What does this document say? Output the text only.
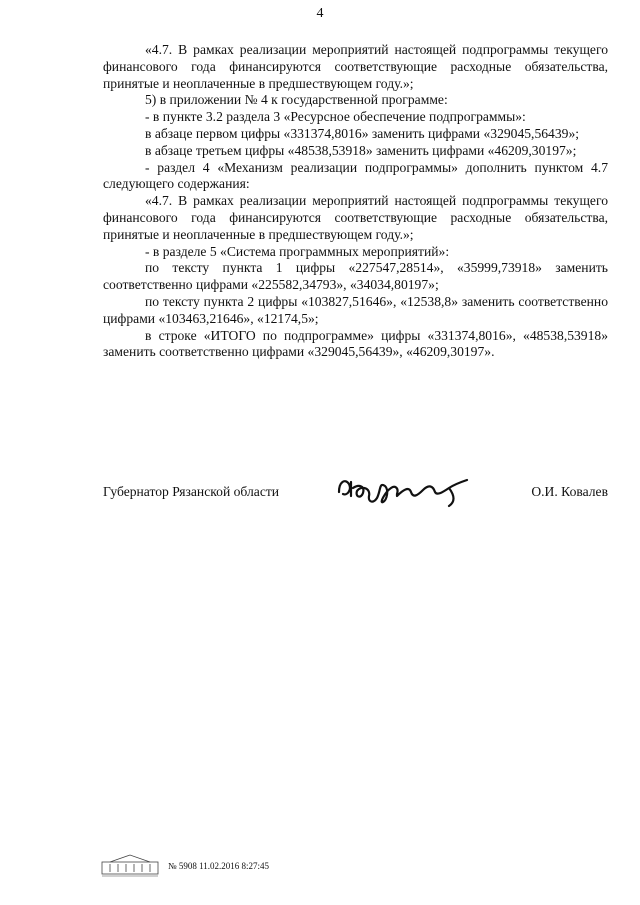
4

«4.7. В рамках реализации мероприятий настоящей подпрограммы текущего финансового года финансируются соответствующие расходные обязательства, принятые и неоплаченные в предшествующем году.»;

5) в приложении № 4 к государственной программе:

- в пункте 3.2 раздела 3 «Ресурсное обеспечение подпрограммы»:

в абзаце первом цифры «331374,8016» заменить цифрами «329045,56439»;

в абзаце третьем цифры «48538,53918» заменить цифрами «46209,30197»;

- раздел 4 «Механизм реализации подпрограммы» дополнить пунктом 4.7 следующего содержания:

«4.7. В рамках реализации мероприятий настоящей подпрограммы текущего финансового года финансируются соответствующие расходные обязательства, принятые и неоплаченные в предшествующем году.»;

- в разделе 5 «Система программных мероприятий»:

по тексту пункта 1 цифры «227547,28514», «35999,73918» заменить соответственно цифрами «225582,34793», «34034,80197»;

по тексту пункта 2 цифры «103827,51646», «12538,8» заменить соответственно цифрами «103463,21646», «12174,5»;

в строке «ИТОГО по подпрограмме» цифры «331374,8016», «48538,53918» заменить соответственно цифрами «329045,56439», «46209,30197».

Губернатор Рязанской области	О.И. Ковалев
№ 5908 11.02.2016 8:27:45
